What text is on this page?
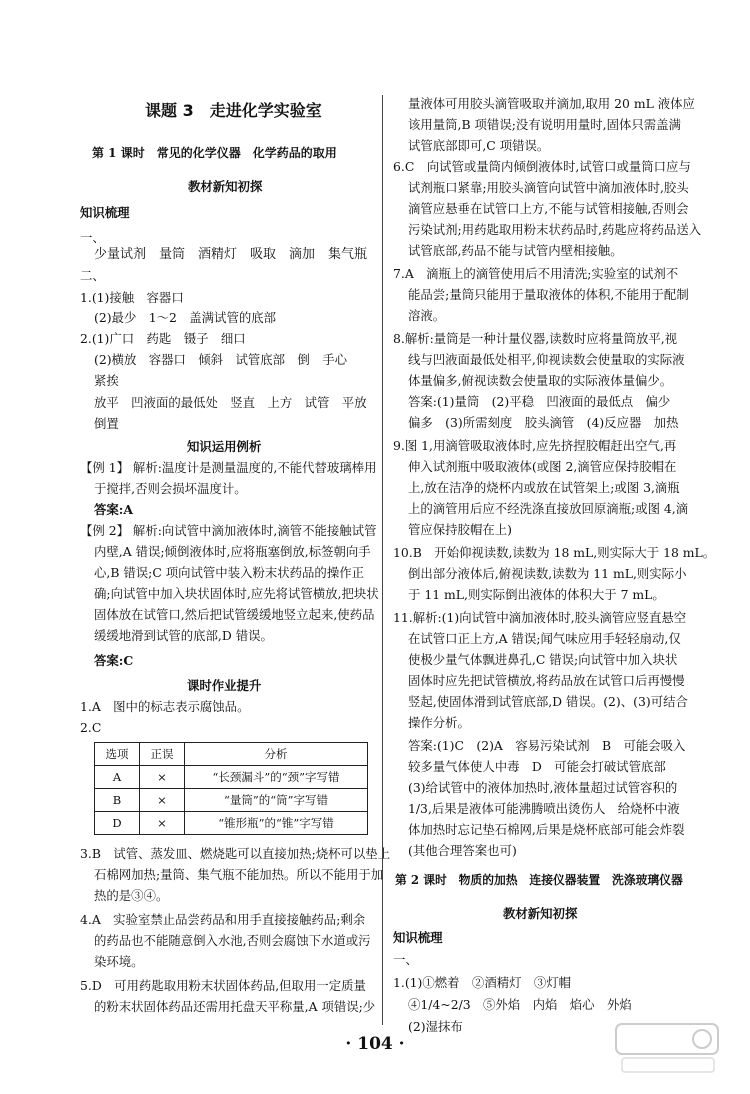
课题 3　走进化学实验室
第 1 课时　常见的化学仪器　化学药品的取用
教材新知初探
知识梳理
一、
少量试剂　量筒　酒精灯　吸取　滴加　集气瓶
二、
1.(1)接触　容器口
(2)最少　1～2　盖满试管的底部
2.(1)广口　药匙　镊子　细口
(2)横放　容器口　倾斜　试管底部　倒　手心
紧挨
放平　凹液面的最低处　竖直　上方　试管　平放
倒置
知识运用例析
【例 1】 解析:温度计是测量温度的,不能代替玻璃棒用
于搅拌,否则会损坏温度计。
答案:A
【例 2】 解析:向试管中滴加液体时,滴管不能接触试管
内壁,A 错误;倾倒液体时,应将瓶塞倒放,标签朝向手
心,B 错误;C 项向试管中装入粉末状药品的操作正
确;向试管中加入块状固体时,应先将试管横放,把块状
固体放在试管口,然后把试管缓缓地竖立起来,使药品
缓缓地滑到试管的底部,D 错误。
答案:C
课时作业提升
1.A　图中的标志表示腐蚀品。
2.C
选项	正误	分析
A	×	“长颈漏斗”的“颈”字写错
B	×	“量筒”的“筒”字写错
D	×	“锥形瓶”的“锥”字写错
3.B　试管、蒸发皿、燃烧匙可以直接加热;烧杯可以垫上
石棉网加热;量筒、集气瓶不能加热。所以不能用于加
热的是③④。
4.A　实验室禁止品尝药品和用手直接接触药品;剩余
的药品也不能随意倒入水池,否则会腐蚀下水道或污
染环境。
5.D　可用药匙取用粉末状固体药品,但取用一定质量
的粉末状固体药品还需用托盘天平称量,A 项错误;少
量液体可用胶头滴管吸取并滴加,取用 20 mL 液体应
该用量筒,B 项错误;没有说明用量时,固体只需盖满
试管底部即可,C 项错误。
6.C　向试管或量筒内倾倒液体时,试管口或量筒口应与
试剂瓶口紧靠;用胶头滴管向试管中滴加液体时,胶头
滴管应悬垂在试管口上方,不能与试管相接触,否则会
污染试剂;用药匙取用粉末状药品时,药匙应将药品送入
试管底部,药品不能与试管内壁相接触。
7.A　滴瓶上的滴管使用后不用清洗;实验室的试剂不
能品尝;量筒只能用于量取液体的体积,不能用于配制
溶液。
8.解析:量筒是一种计量仪器,读数时应将量筒放平,视
线与凹液面最低处相平,仰视读数会使量取的实际液
体量偏多,俯视读数会使量取的实际液体量偏少。
答案:(1)量筒　(2)平稳　凹液面的最低点　偏少
偏多　(3)所需刻度　胶头滴管　(4)反应器　加热
9.图 1,用滴管吸取液体时,应先挤捏胶帽赶出空气,再
伸入试剂瓶中吸取液体(或图 2,滴管应保持胶帽在
上,放在洁净的烧杯内或放在试管架上;或图 3,滴瓶
上的滴管用后应不经洗涤直接放回原滴瓶;或图 4,滴
管应保持胶帽在上)
10.B　开始仰视读数,读数为 18 mL,则实际大于 18 mL。
倒出部分液体后,俯视读数,读数为 11 mL,则实际小
于 11 mL,则实际倒出液体的体积大于 7 mL。
11.解析:(1)向试管中滴加液体时,胶头滴管应竖直悬空
在试管口正上方,A 错误;闻气味应用手轻轻扇动,仅
使极少量气体飘进鼻孔,C 错误;向试管中加入块状
固体时应先把试管横放,将药品放在试管口后再慢慢
竖起,使固体滑到试管底部,D 错误。(2)、(3)可结合
操作分析。
答案:(1)C　(2)A　容易污染试剂　B　可能会吸入
较多量气体使人中毒　D　可能会打破试管底部
(3)给试管中的液体加热时,液体量超过试管容积的
1/3,后果是液体可能沸腾喷出烫伤人　给烧杯中液
体加热时忘记垫石棉网,后果是烧杯底部可能会炸裂
(其他合理答案也可)
第 2 课时　物质的加热　连接仪器装置　洗涤玻璃仪器
教材新知初探
知识梳理
一、
1.(1)①燃着　②酒精灯　③灯帽
④1/4~2/3　⑤外焰　内焰　焰心　外焰
(2)湿抹布
· 104 ·
